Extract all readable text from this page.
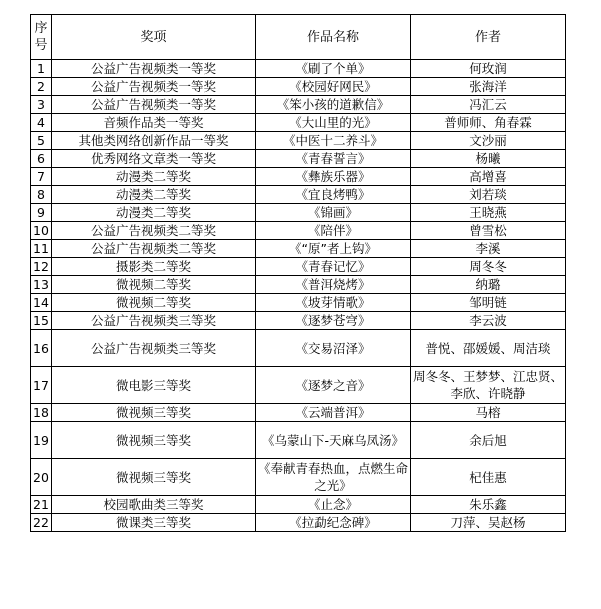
序号	奖项	作品名称	作者
1	公益广告视频类一等奖	《刷了个单》	何玫润
2	公益广告视频类一等奖	《校园好网民》	张海洋
3	公益广告视频类一等奖	《笨小孩的道歉信》	冯汇云
4	音频作品类一等奖	《大山里的光》	普师师、角春霖
5	其他类网络创新作品一等奖	《中医十二养斗》	文沙丽
6	优秀网络文章类一等奖	《青春誓言》	杨曦
7	动漫类二等奖	《彝族乐器》	高增喜
8	动漫类二等奖	《宜良烤鸭》	刘若琰
9	动漫类二等奖	《锦画》	王晓燕
10	公益广告视频类二等奖	《陪伴》	曾雪松
11	公益广告视频类二等奖	《“原”者上钩》	李溪
12	摄影类二等奖	《青春记忆》	周冬冬
13	微视频二等奖	《普洱烧烤》	纳璐
14	微视频二等奖	《坡芽情歌》	邹明链
15	公益广告视频类三等奖	《逐梦苍穹》	李云波
16	公益广告视频类三等奖	《交易沼泽》	普悦、邵媛媛、周洁琰
17	微电影三等奖	《逐梦之音》	周冬冬、王梦梦、江忠贤、李欣、许晓静
18	微视频三等奖	《云端普洱》	马榕
19	微视频三等奖	《乌蒙山下-天麻乌凤汤》	余后旭
20	微视频三等奖	《奉献青春热血，点燃生命之光》	杞佳惠
21	校园歌曲类三等奖	《止念》	朱乐鑫
22	微课类三等奖	《拉勐纪念碑》	刀萍、吴赵杨
